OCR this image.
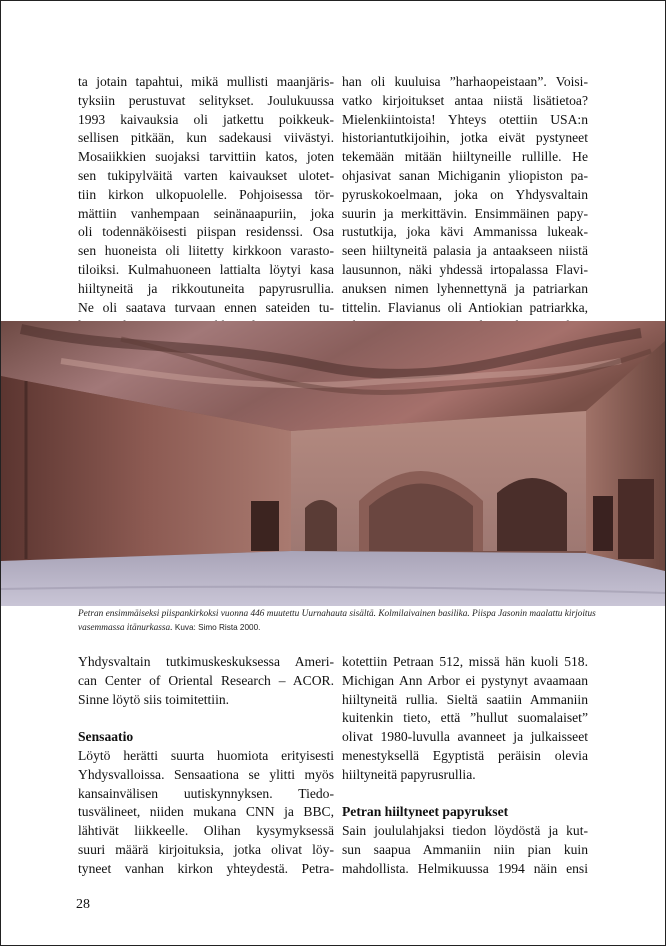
ta jotain tapahtui, mikä mullisti maanjäris-
tyksiin perustuvat selitykset. Joulukuussa
1993 kaivauksia oli jatkettu poikkeuk-
sellisen pitkään, kun sadekausi viivästyi.
Mosaiikkien suojaksi tarvittiin katos, joten
sen tukipylväitä varten kaivaukset ulotet-
tiin kirkon ulkopuolelle. Pohjoisessa tör-
mättiin vanhempaan seinänaapuriin, joka
oli todennäköisesti piispan residenssi. Osa
sen huoneista oli liitetty kirkkoon varasto-
tiloiksi. Kulmahuoneen lattialta löytyi kasa
hiiltyneitä ja rikkoutuneita papyrusrullia.
Ne oli saatava turvaan ennen sateiden tu-

han oli kuuluisa ”harhaopeistaan”. Voisi-
vatko kirjoitukset antaa niistä lisätietoa?
Mielenkiintoista! Yhteys otettiin USA:n
historiantutkijoihin, jotka eivät pystyneet
tekemään mitään hiiltyneille rullille. He
ohjasivat sanan Michiganin yliopiston pa-
pyruskokoelmaan, joka on Yhdysvaltain
suurin ja merkittävin. Ensimmäinen papy-
rustutkija, joka kävi Ammanissa lukeak-
seen hiiltyneitä palasia ja antaakseen niistä
lausunnon, näki yhdessä irtopalassa Flavi-
anuksen nimen lyhennettynä ja patriarkan
tittelin. Flavianus oli Antiokian patriarkka,

Petran ensimmäiseksi piispankirkoksi vuonna 446 muutettu Uurnahauta sisältä. Kolmilaivainen basilika. Piispa Jasonin maalattu kirjoitus vasemmassa itänurkassa. Kuva: Simo Rista 2000.

Yhdysvaltain tutkimuskeskuksessa Ameri-
can Center of Oriental Research – ACOR.
Sinne löytö siis toimitettiin.

Sensaatio

Löytö herätti suurta huomiota erityisesti
Yhdysvalloissa. Sensaationa se ylitti myös
kansainvälisen uutiskynnyksen. Tiedo-
tusvälineet, niiden mukana CNN ja BBC,
lähtivät liikkeelle. Olihan kysymyksessä
suuri määrä kirjoituksia, jotka olivat löy-
tyneet vanhan kirkon yhteydestä. Petra-

kotettiin Petraan 512, missä hän kuoli 518.
Michigan Ann Arbor ei pystynyt avaamaan
hiiltyneitä rullia. Sieltä saatiin Ammaniin
kuitenkin tieto, että ”hullut suomalaiset”
olivat 1980-luvulla avanneet ja julkaisseet
menestyksellä Egyptistä peräisin olevia
hiiltyneitä papyrusrullia.

Petran hiiltyneet papyrukset

Sain joululahjaksi tiedon löydöstä ja kut-
sun saapua Ammaniin niin pian kuin
mahdollista. Helmikuussa 1994 näin ensi

28
